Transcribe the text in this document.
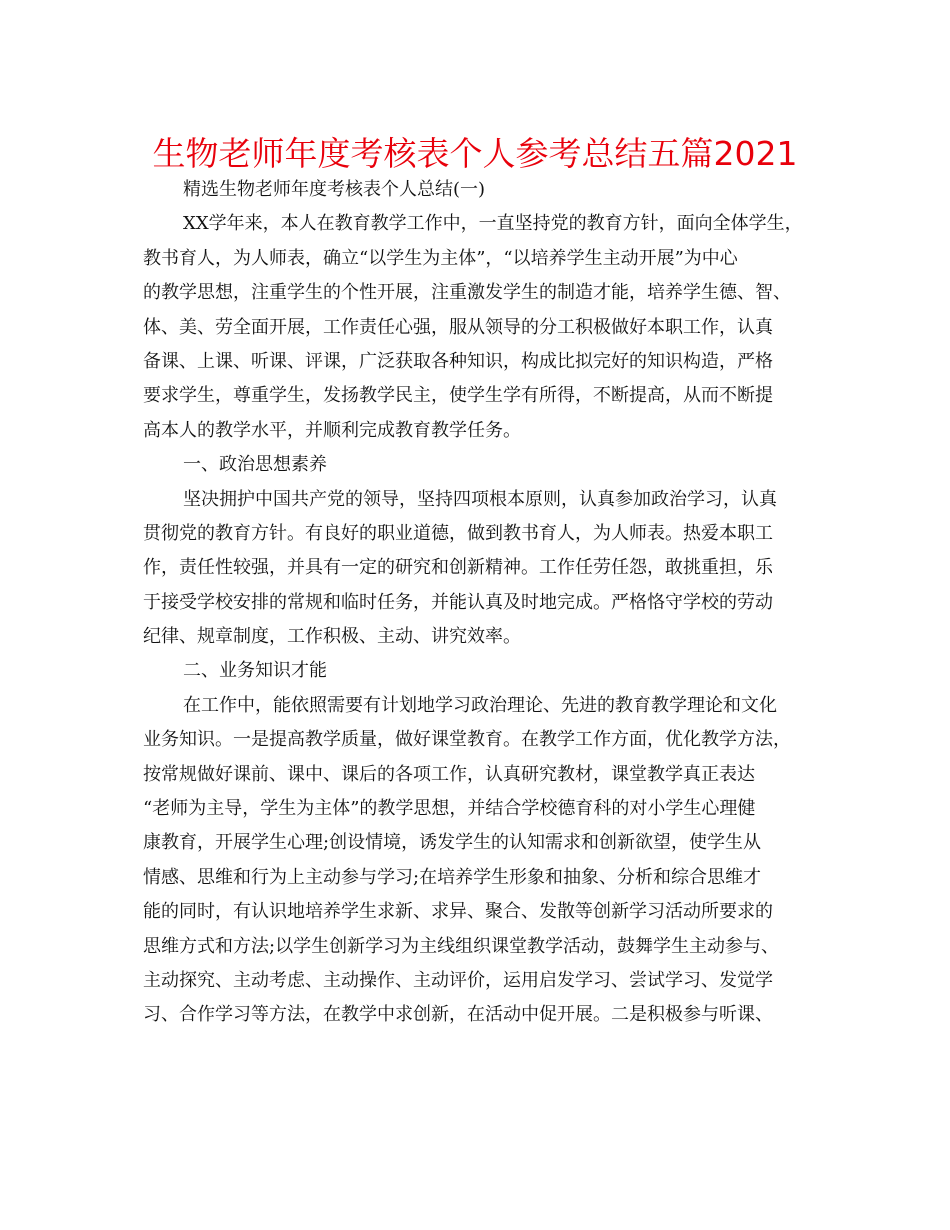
生物老师年度考核表个人参考总结五篇2021
精选生物老师年度考核表个人总结(一)
XX学年来，本人在教育教学工作中，一直坚持党的教育方针，面向全体学生，
教书育人，为人师表，确立“以学生为主体”，“以培养学生主动开展”为中心
的教学思想，注重学生的个性开展，注重激发学生的制造才能，培养学生德、智、
体、美、劳全面开展，工作责任心强，服从领导的分工积极做好本职工作，认真
备课、上课、听课、评课，广泛获取各种知识，构成比拟完好的知识构造，严格
要求学生，尊重学生，发扬教学民主，使学生学有所得，不断提高，从而不断提
高本人的教学水平，并顺利完成教育教学任务。
一、政治思想素养
坚决拥护中国共产党的领导，坚持四项根本原则，认真参加政治学习，认真
贯彻党的教育方针。有良好的职业道德，做到教书育人，为人师表。热爱本职工
作，责任性较强，并具有一定的研究和创新精神。工作任劳任怨，敢挑重担，乐
于接受学校安排的常规和临时任务，并能认真及时地完成。严格恪守学校的劳动
纪律、规章制度，工作积极、主动、讲究效率。
二、业务知识才能
在工作中，能依照需要有计划地学习政治理论、先进的教育教学理论和文化
业务知识。一是提高教学质量，做好课堂教育。在教学工作方面，优化教学方法，
按常规做好课前、课中、课后的各项工作，认真研究教材，课堂教学真正表达
“老师为主导，学生为主体”的教学思想，并结合学校德育科的对小学生心理健
康教育，开展学生心理;创设情境，诱发学生的认知需求和创新欲望，使学生从
情感、思维和行为上主动参与学习;在培养学生形象和抽象、分析和综合思维才
能的同时，有认识地培养学生求新、求异、聚合、发散等创新学习活动所要求的
思维方式和方法;以学生创新学习为主线组织课堂教学活动，鼓舞学生主动参与、
主动探究、主动考虑、主动操作、主动评价，运用启发学习、尝试学习、发觉学
习、合作学习等方法，在教学中求创新，在活动中促开展。二是积极参与听课、
